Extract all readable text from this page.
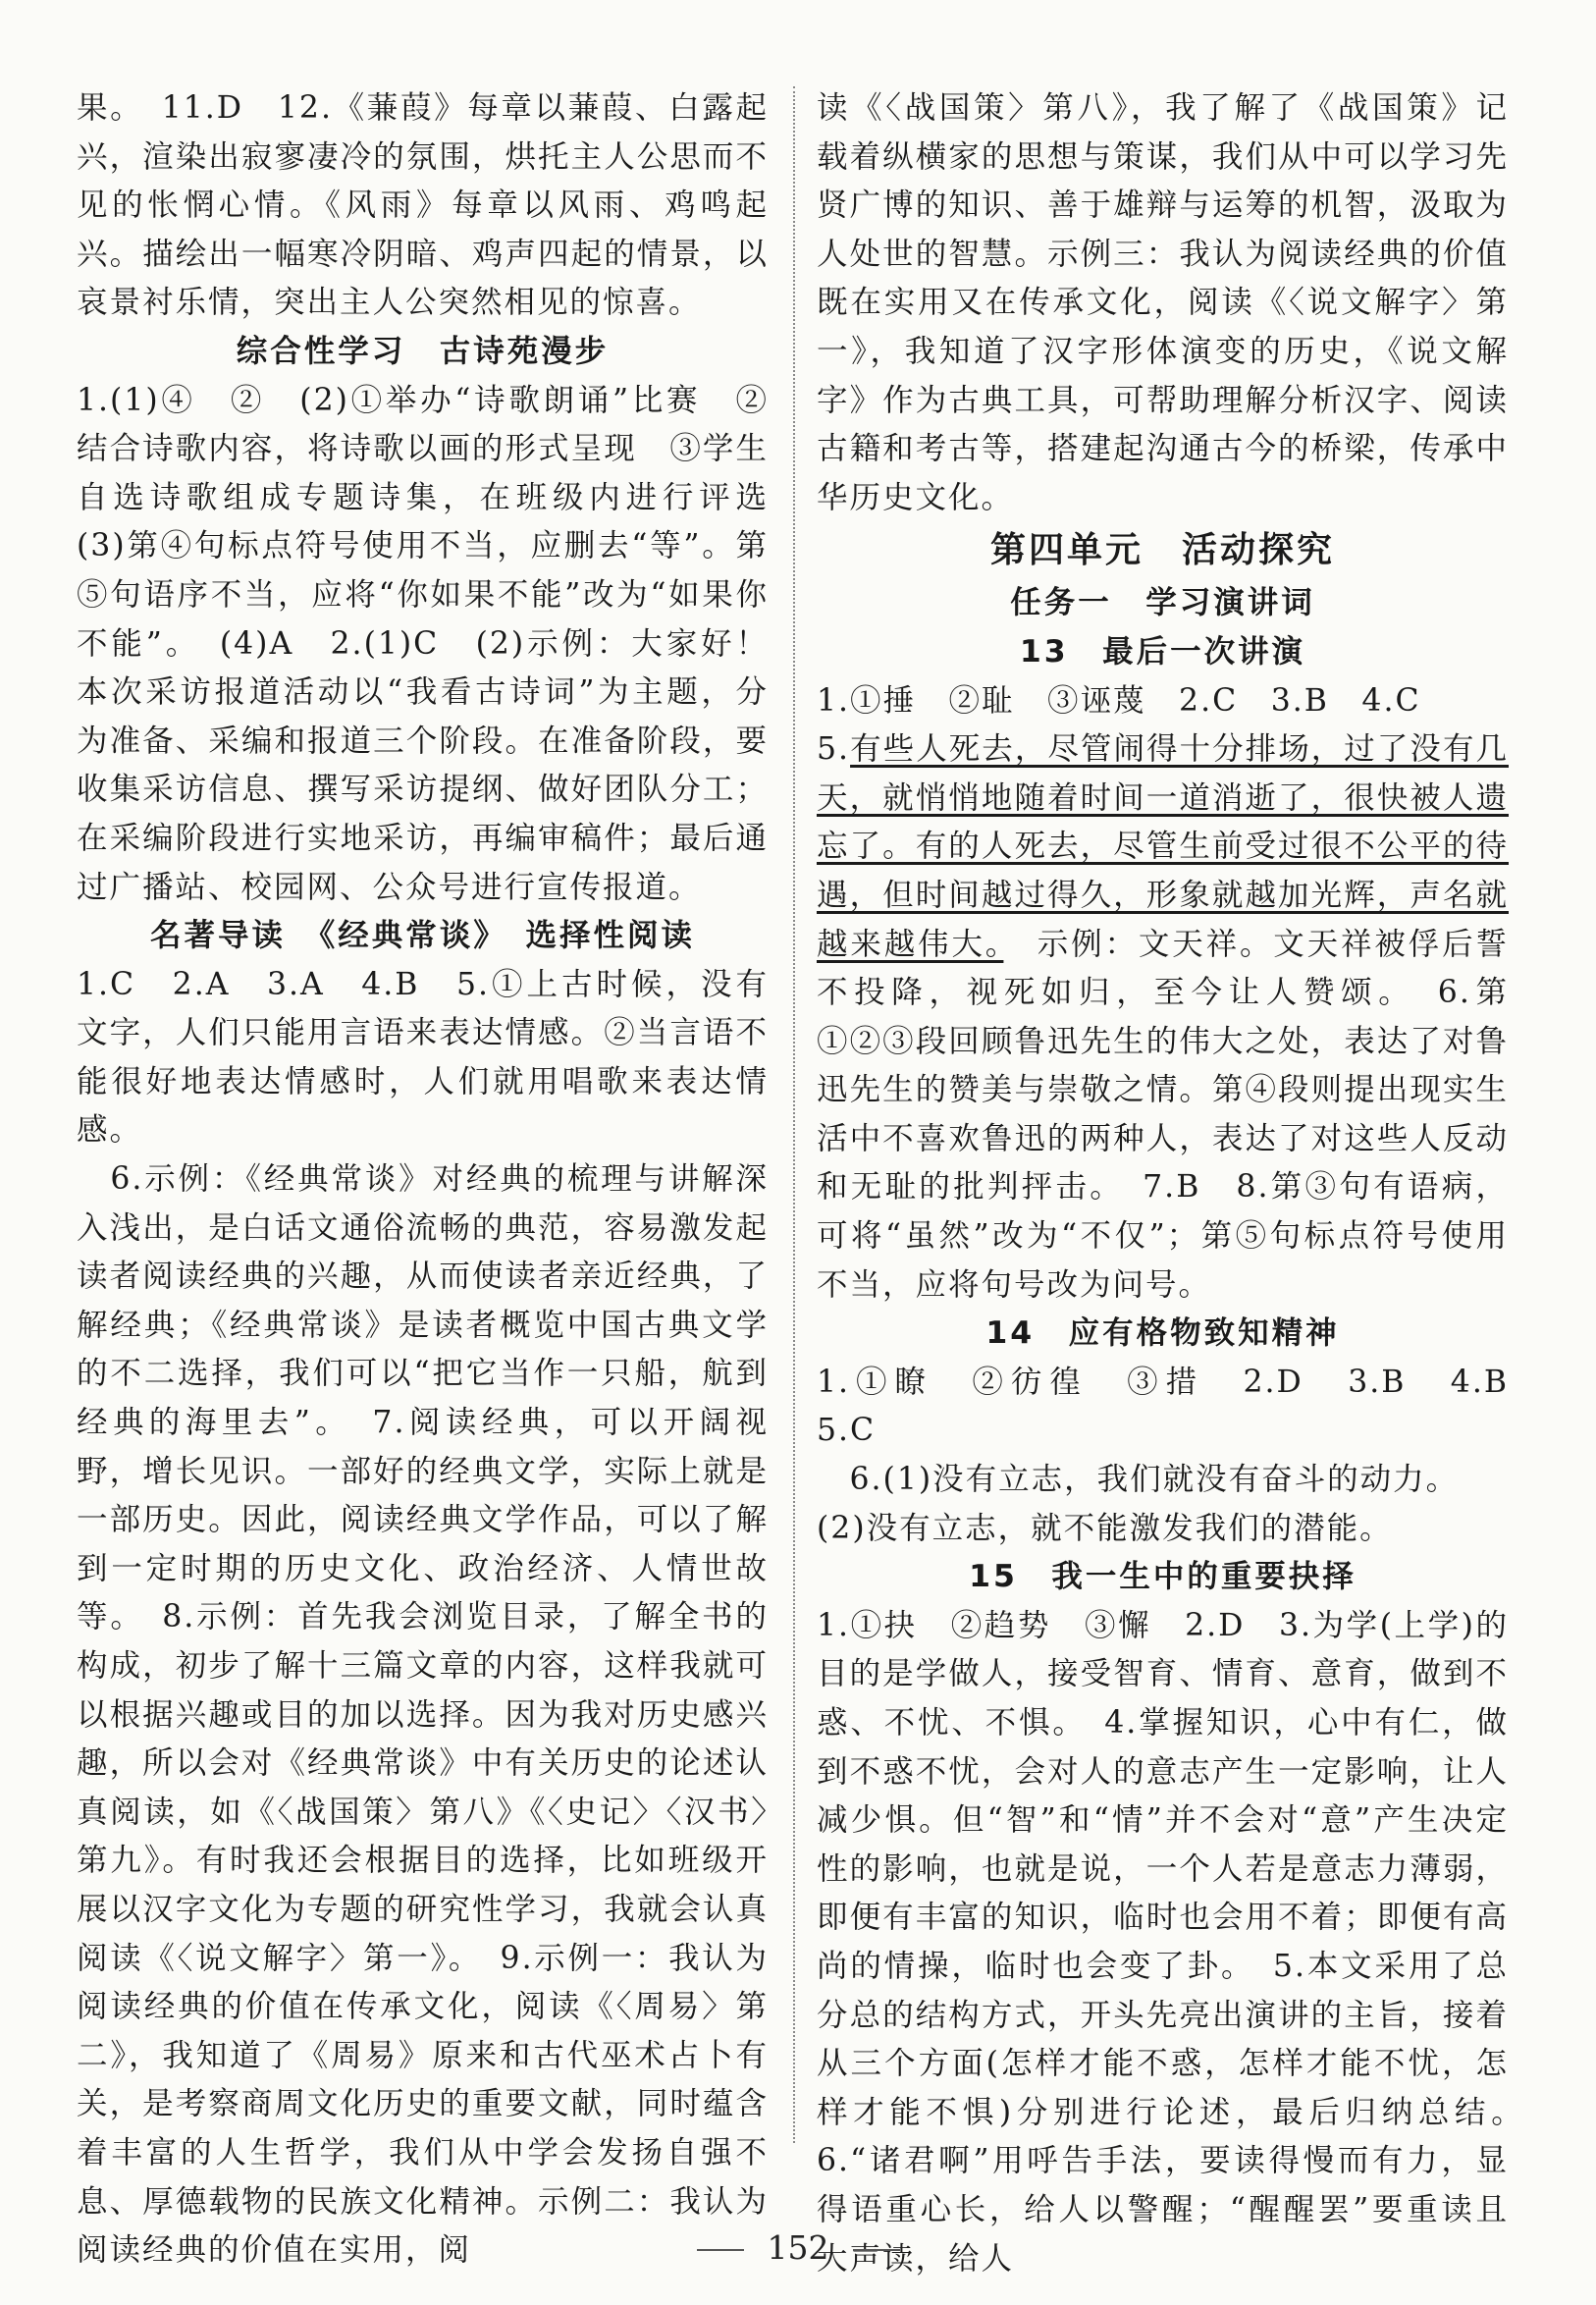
果。　11.D　12.《蒹葭》每章以蒹葭、白露起兴，渲染出寂寥凄冷的氛围，烘托主人公思而不见的怅惘心情。《风雨》每章以风雨、鸡鸣起兴。描绘出一幅寒冷阴暗、鸡声四起的情景，以哀景衬乐情，突出主人公突然相见的惊喜。

综合性学习　古诗苑漫步

1.(1)④　②　(2)①举办“诗歌朗诵”比赛　②结合诗歌内容，将诗歌以画的形式呈现　③学生自选诗歌组成专题诗集，在班级内进行评选　(3)第④句标点符号使用不当，应删去“等”。第⑤句语序不当，应将“你如果不能”改为“如果你不能”。　(4)A　2.(1)C　(2)示例：大家好！本次采访报道活动以“我看古诗词”为主题，分为准备、采编和报道三个阶段。在准备阶段，要收集采访信息、撰写采访提纲、做好团队分工；在采编阶段进行实地采访，再编审稿件；最后通过广播站、校园网、公众号进行宣传报道。

名著导读　《经典常谈》　选择性阅读

1.C　2.A　3.A　4.B　5.①上古时候，没有文字，人们只能用言语来表达情感。②当言语不能很好地表达情感时，人们就用唱歌来表达情感。

　6.示例：《经典常谈》对经典的梳理与讲解深入浅出，是白话文通俗流畅的典范，容易激发起读者阅读经典的兴趣，从而使读者亲近经典，了解经典；《经典常谈》是读者概览中国古典文学的不二选择，我们可以“把它当作一只船，航到经典的海里去”。　7.阅读经典，可以开阔视野，增长见识。一部好的经典文学，实际上就是一部历史。因此，阅读经典文学作品，可以了解到一定时期的历史文化、政治经济、人情世故等。　8.示例：首先我会浏览目录，了解全书的构成，初步了解十三篇文章的内容，这样我就可以根据兴趣或目的加以选择。因为我对历史感兴趣，所以会对《经典常谈》中有关历史的论述认真阅读，如《〈战国策〉第八》《〈史记〉〈汉书〉第九》。有时我还会根据目的选择，比如班级开展以汉字文化为专题的研究性学习，我就会认真阅读《〈说文解字〉第一》。　9.示例一：我认为阅读经典的价值在传承文化，阅读《〈周易〉第二》，我知道了《周易》原来和古代巫术占卜有关，是考察商周文化历史的重要文献，同时蕴含着丰富的人生哲学，我们从中学会发扬自强不息、厚德载物的民族文化精神。示例二：我认为阅读经典的价值在实用，阅

读《〈战国策〉第八》，我了解了《战国策》记载着纵横家的思想与策谋，我们从中可以学习先贤广博的知识、善于雄辩与运筹的机智，汲取为人处世的智慧。示例三：我认为阅读经典的价值既在实用又在传承文化，阅读《〈说文解字〉第一》，我知道了汉字形体演变的历史，《说文解字》作为古典工具，可帮助理解分析汉字、阅读古籍和考古等，搭建起沟通古今的桥梁，传承中华历史文化。

第四单元　活动探究

任务一　学习演讲词

13　最后一次讲演

1.①捶　②耻　③诬蔑　2.C　3.B　4.C

5.有些人死去，尽管闹得十分排场，过了没有几天，就悄悄地随着时间一道消逝了，很快被人遗忘了。有的人死去，尽管生前受过很不公平的待遇，但时间越过得久，形象就越加光辉，声名就越来越伟大。　示例：文天祥。文天祥被俘后誓不投降，视死如归，至今让人赞颂。　6.第①②③段回顾鲁迅先生的伟大之处，表达了对鲁迅先生的赞美与崇敬之情。第④段则提出现实生活中不喜欢鲁迅的两种人，表达了对这些人反动和无耻的批判抨击。　7.B　8.第③句有语病，可将“虽然”改为“不仅”；第⑤句标点符号使用不当，应将句号改为问号。

14　应有格物致知精神

1.①瞭　②彷徨　③措　2.D　3.B　4.B　5.C

　6.(1)没有立志，我们就没有奋斗的动力。

(2)没有立志，就不能激发我们的潜能。

15　我一生中的重要抉择

1.①抉　②趋势　③懈　2.D　3.为学(上学)的目的是学做人，接受智育、情育、意育，做到不惑、不忧、不惧。　4.掌握知识，心中有仁，做到不惑不忧，会对人的意志产生一定影响，让人减少惧。但“智”和“情”并不会对“意”产生决定性的影响，也就是说，一个人若是意志力薄弱，即便有丰富的知识，临时也会用不着；即便有高尚的情操，临时也会变了卦。　5.本文采用了总分总的结构方式，开头先亮出演讲的主旨，接着从三个方面(怎样才能不惑，怎样才能不忧，怎样才能不惧)分别进行论述，最后归纳总结。　6.“诸君啊”用呼告手法，要读得慢而有力，显得语重心长，给人以警醒；“醒醒罢”要重读且大声读，给人

152
